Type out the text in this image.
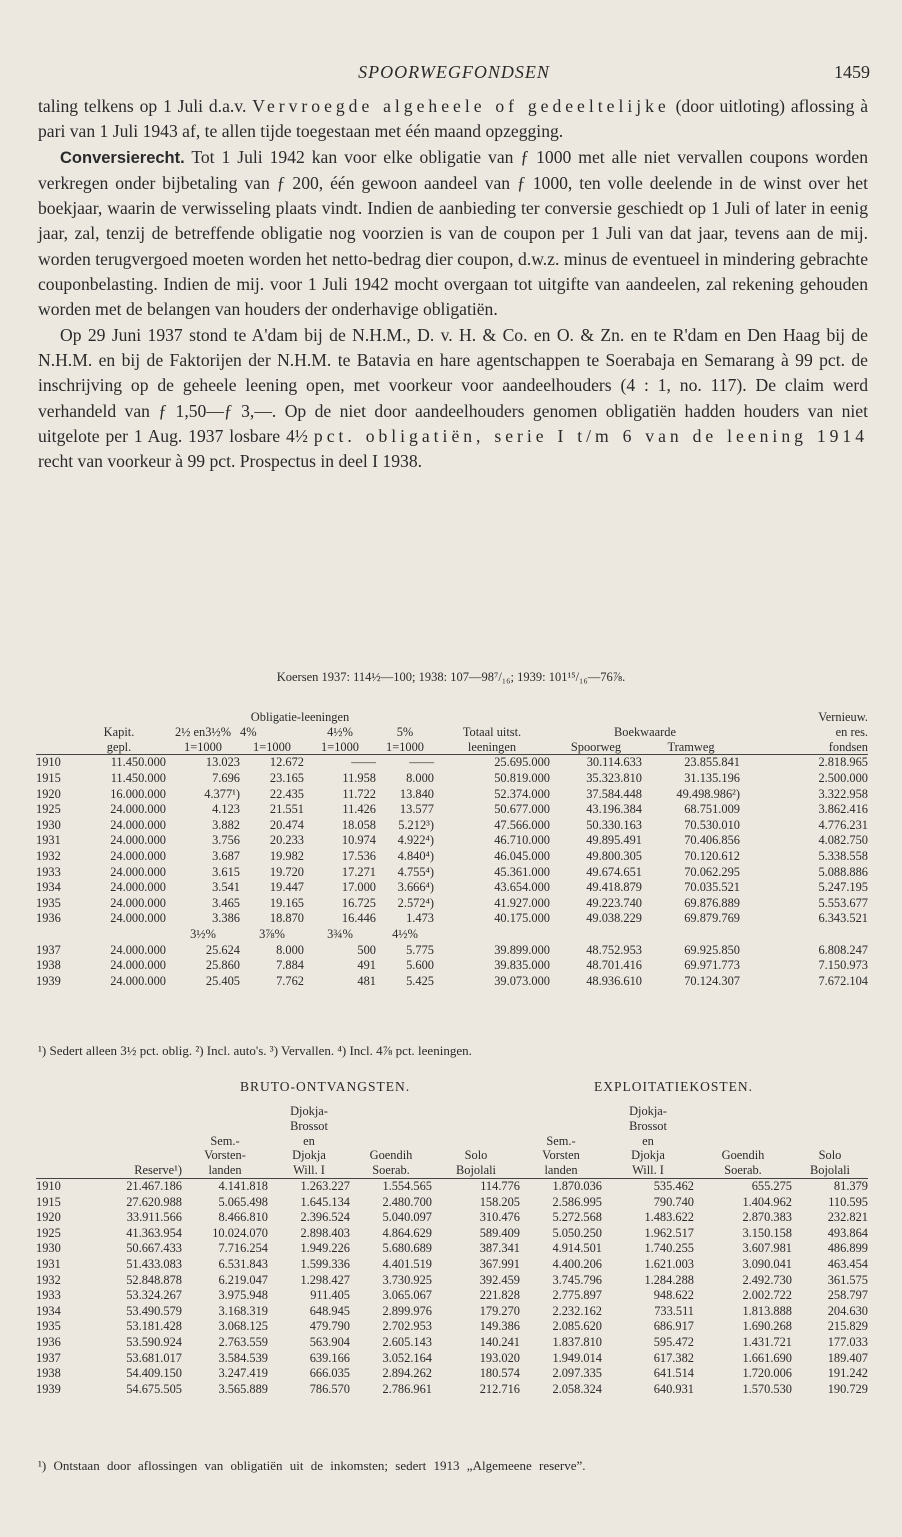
SPOORWEGFONDSEN	1459

taling telkens op 1 Juli d.a.v. Vervroegde algeheele of gedeeltelijke (door uitloting) aflossing à pari van 1 Juli 1943 af, te allen tijde toegestaan met één maand opzegging.

Conversierecht. Tot 1 Juli 1942 kan voor elke obligatie van ƒ 1000 met alle niet vervallen coupons worden verkregen onder bijbetaling van ƒ 200, één gewoon aandeel van ƒ 1000, ten volle deelende in de winst over het boekjaar, waarin de verwisseling plaats vindt. Indien de aanbieding ter conversie geschiedt op 1 Juli of later in eenig jaar, zal, tenzij de betreffende obligatie nog voorzien is van de coupon per 1 Juli van dat jaar, tevens aan de mij. worden terugvergoed moeten worden het netto-bedrag dier coupon, d.w.z. minus de eventueel in mindering gebrachte couponbelasting. Indien de mij. voor 1 Juli 1942 mocht overgaan tot uitgifte van aandeelen, zal rekening gehouden worden met de belangen van houders der onderhavige obligatiën.

Op 29 Juni 1937 stond te A'dam bij de N.H.M., D. v. H. & Co. en O. & Zn. en te R'dam en Den Haag bij de N.H.M. en bij de Faktorijen der N.H.M. te Batavia en hare agentschappen te Soerabaja en Semarang à 99 pct. de inschrijving op de geheele leening open, met voorkeur voor aandeelhouders (4 : 1, no. 117). De claim werd verhandeld van ƒ 1,50—ƒ 3,—. Op de niet door aandeelhouders genomen obligatiën hadden houders van niet uitgelote per 1 Aug. 1937 losbare 4½ pct. obligatiën, serie I t/m 6 van de leening 1914 recht van voorkeur à 99 pct. Prospectus in deel I 1938.

Koersen 1937: 114½—100; 1938: 107—98⁷/₁₆; 1939: 101¹⁵/₁₆—76⅞.
		Obligatie-leeningen							Vernieuw.
	Kapit.	2½ en3½%	4%	4½%	5%	Totaal uitst.	Boekwaarde		en res.
	gepl.	1=1000	1=1000	1=1000	1=1000	leeningen	Spoorweg	Tramweg	fondsen
1910	11.450.000	13.023	12.672	——	——	25.695.000	30.114.633	23.855.841	2.818.965
1915	11.450.000	7.696	23.165	11.958	8.000	50.819.000	35.323.810	31.135.196	2.500.000
1920	16.000.000	4.377¹)	22.435	11.722	13.840	52.374.000	37.584.448	49.498.986²)	3.322.958
1925	24.000.000	4.123	21.551	11.426	13.577	50.677.000	43.196.384	68.751.009	3.862.416
1930	24.000.000	3.882	20.474	18.058	5.212³)	47.566.000	50.330.163	70.530.010	4.776.231
1931	24.000.000	3.756	20.233	10.974	4.922⁴)	46.710.000	49.895.491	70.406.856	4.082.750
1932	24.000.000	3.687	19.982	17.536	4.840⁴)	46.045.000	49.800.305	70.120.612	5.338.558
1933	24.000.000	3.615	19.720	17.271	4.755⁴)	45.361.000	49.674.651	70.062.295	5.088.886
1934	24.000.000	3.541	19.447	17.000	3.666⁴)	43.654.000	49.418.879	70.035.521	5.247.195
1935	24.000.000	3.465	19.165	16.725	2.572⁴)	41.927.000	49.223.740	69.876.889	5.553.677
1936	24.000.000	3.386	18.870	16.446	1.473	40.175.000	49.038.229	69.879.769	6.343.521
		3½%	3⅞%	3¾%	4½%				
1937	24.000.000	25.624	8.000	500	5.775	39.899.000	48.752.953	69.925.850	6.808.247
1938	24.000.000	25.860	7.884	491	5.600	39.835.000	48.701.416	69.971.773	7.150.973
1939	24.000.000	25.405	7.762	481	5.425	39.073.000	48.936.610	70.124.307	7.672.104
¹) Sedert alleen 3½ pct. oblig. ²) Incl. auto's. ³) Vervallen. ⁴) Incl. 4⅞ pct. leeningen.
BRUTO-ONTVANGSTEN.	EXPLOITATIEKOSTEN.
			Djokja-				Djokja-		
			Brossot				Brossot		
		Sem.-	en			Sem.-	en		
		Vorsten-	Djokja	Goendih	Solo	Vorsten	Djokja	Goendih	Solo
	Reserve¹)	landen	Will. I	Soerab.	Bojolali	landen	Will. I	Soerab.	Bojolali
1910	21.467.186	4.141.818	1.263.227	1.554.565	114.776	1.870.036	535.462	655.275	81.379
1915	27.620.988	5.065.498	1.645.134	2.480.700	158.205	2.586.995	790.740	1.404.962	110.595
1920	33.911.566	8.466.810	2.396.524	5.040.097	310.476	5.272.568	1.483.622	2.870.383	232.821
1925	41.363.954	10.024.070	2.898.403	4.864.629	589.409	5.050.250	1.962.517	3.150.158	493.864
1930	50.667.433	7.716.254	1.949.226	5.680.689	387.341	4.914.501	1.740.255	3.607.981	486.899
1931	51.433.083	6.531.843	1.599.336	4.401.519	367.991	4.400.206	1.621.003	3.090.041	463.454
1932	52.848.878	6.219.047	1.298.427	3.730.925	392.459	3.745.796	1.284.288	2.492.730	361.575
1933	53.324.267	3.975.948	911.405	3.065.067	221.828	2.775.897	948.622	2.002.722	258.797
1934	53.490.579	3.168.319	648.945	2.899.976	179.270	2.232.162	733.511	1.813.888	204.630
1935	53.181.428	3.068.125	479.790	2.702.953	149.386	2.085.620	686.917	1.690.268	215.829
1936	53.590.924	2.763.559	563.904	2.605.143	140.241	1.837.810	595.472	1.431.721	177.033
1937	53.681.017	3.584.539	639.166	3.052.164	193.020	1.949.014	617.382	1.661.690	189.407
1938	54.409.150	3.247.419	666.035	2.894.262	180.574	2.097.335	641.514	1.720.006	191.242
1939	54.675.505	3.565.889	786.570	2.786.961	212.716	2.058.324	640.931	1.570.530	190.729
¹) Ontstaan door aflossingen van obligatiën uit de inkomsten; sedert 1913 „Algemeene reserve”.
